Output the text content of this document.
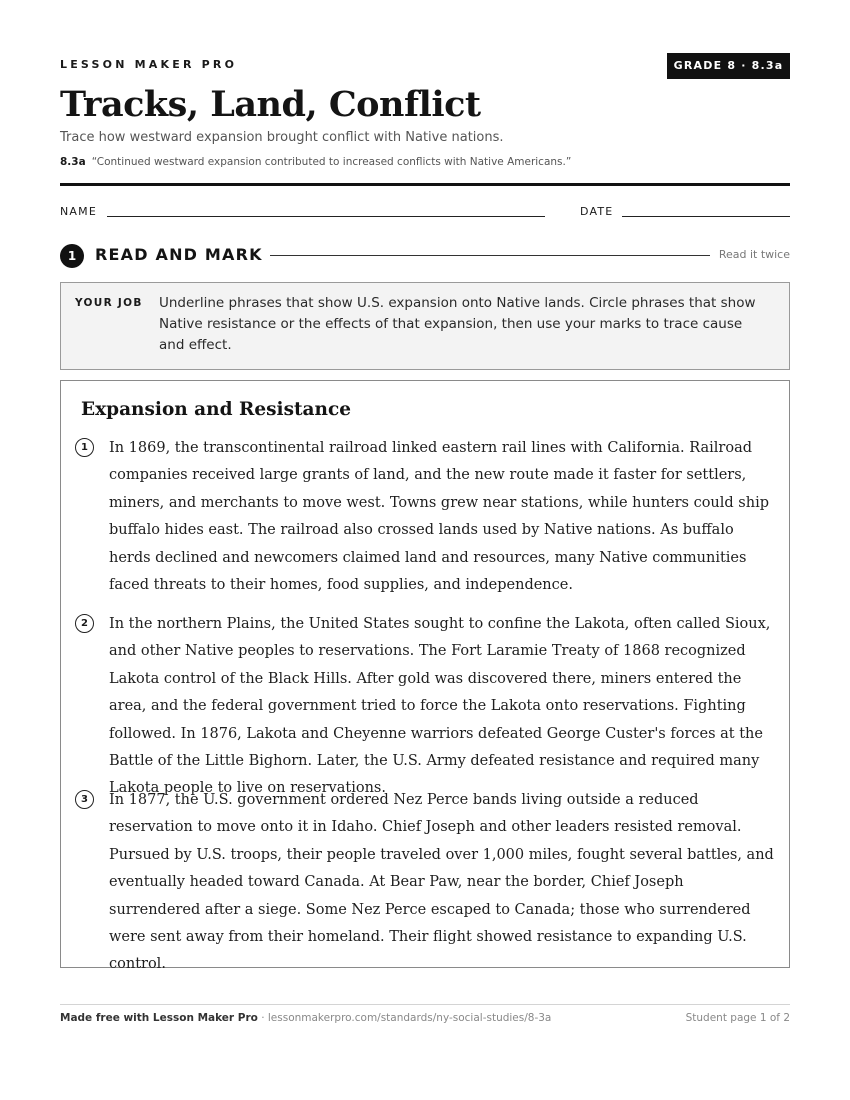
LESSON MAKER PRO	GRADE 8 · 8.3a
Tracks, Land, Conflict
Trace how westward expansion brought conflict with Native nations.
8.3a “Continued westward expansion contributed to increased conflicts with Native Americans.”
NAME	DATE
1	READ AND MARK	Read it twice
YOUR JOB Underline phrases that show U.S. expansion onto Native lands. Circle phrases that show Native resistance or the effects of that expansion, then use your marks to trace cause and effect.
Expansion and Resistance
1	In 1869, the transcontinental railroad linked eastern rail lines with California. Railroad companies received large grants of land, and the new route made it faster for settlers, miners, and merchants to move west. Towns grew near stations, while hunters could ship buffalo hides east. The railroad also crossed lands used by Native nations. As buffalo herds declined and newcomers claimed land and resources, many Native communities faced threats to their homes, food supplies, and independence.
2	In the northern Plains, the United States sought to confine the Lakota, often called Sioux, and other Native peoples to reservations. The Fort Laramie Treaty of 1868 recognized Lakota control of the Black Hills. After gold was discovered there, miners entered the area, and the federal government tried to force the Lakota onto reservations. Fighting followed. In 1876, Lakota and Cheyenne warriors defeated George Custer's forces at the Battle of the Little Bighorn. Later, the U.S. Army defeated resistance and required many Lakota people to live on reservations.
3	In 1877, the U.S. government ordered Nez Perce bands living outside a reduced reservation to move onto it in Idaho. Chief Joseph and other leaders resisted removal. Pursued by U.S. troops, their people traveled over 1,000 miles, fought several battles, and eventually headed toward Canada. At Bear Paw, near the border, Chief Joseph surrendered after a siege. Some Nez Perce escaped to Canada; those who surrendered were sent away from their homeland. Their flight showed resistance to expanding U.S. control.
Made free with Lesson Maker Pro · lessonmakerpro.com/standards/ny-social-studies/8-3a	Student page 1 of 2
